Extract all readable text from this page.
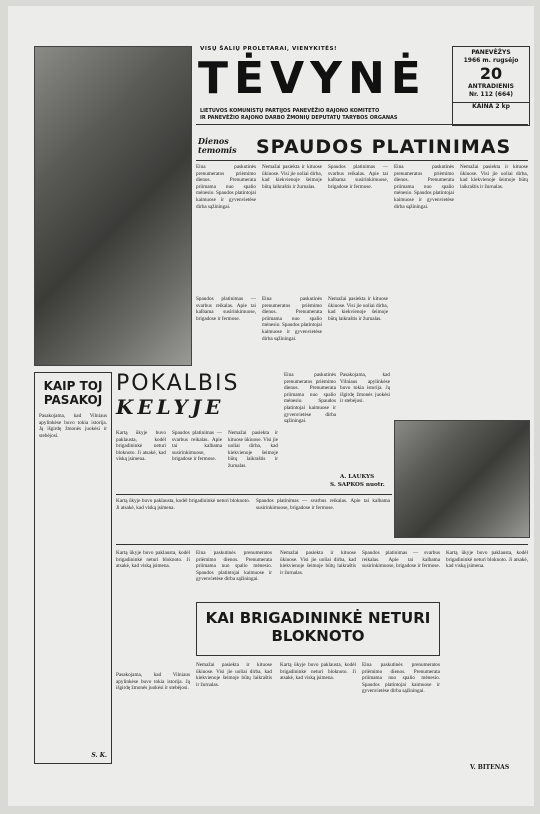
VISŲ ŠALIŲ PROLETARAI, VIENYKITĖS!
TĖVYNĖ
LIETUVOS KOMUNISTŲ PARTIJOS PANEVĖŽIO RAJONO KOMITETO
IR PANEVĖŽIO RAJONO DARBO ŽMONIŲ DEPUTATŲ TARYBOS ORGANAS
PANEVĖŽYS
1966 m. rugsėjo
20
ANTRADIENIS
Nr. 112 (664)
KAINA 2 kp
Dienos
temomis SPAUDOS PLATINIMAS
Eina paskutinės prenumeratos priėmimo dienos. Prenumerata priimama nuo spalio mėnesio. Spaudos platintojai kaimuose ir gyvenvietėse dirba sąžiningai.
Nemažai pasiekta ir kituose ūkiuose. Visi jie uoliai dirba, kad kiekvienoje šeimoje būtų laikraštis ir žurnalas.
Spaudos platinimas — svarbus reikalas. Apie tai kalbama susirinkimuose, brigadose ir fermose.
Eina paskutinės prenumeratos priėmimo dienos. Prenumerata priimama nuo spalio mėnesio. Spaudos platintojai kaimuose ir gyvenvietėse dirba sąžiningai.
Nemažai pasiekta ir kituose ūkiuose. Visi jie uoliai dirba, kad kiekvienoje šeimoje būtų laikraštis ir žurnalas.
Spaudos platinimas — svarbus reikalas. Apie tai kalbama susirinkimuose, brigadose ir fermose.
Eina paskutinės prenumeratos priėmimo dienos. Prenumerata priimama nuo spalio mėnesio. Spaudos platintojai kaimuose ir gyvenvietėse dirba sąžiningai.
Nemažai pasiekta ir kituose ūkiuose. Visi jie uoliai dirba, kad kiekvienoje šeimoje būtų laikraštis ir žurnalas.
KAIP TOJ PASAKOJ
Pasakojama, kad Vilniaus apylinkėse buvo tokia istorija. Ją išgirdę žmonės juokėsi ir stebėjosi.
S. K.
POKALBIS
KELYJE
Kartą ūkyje buvo paklausta, kodėl brigadininkė neturi bloknoto. Ji atsakė, kad viską įsimena.
Spaudos platinimas — svarbus reikalas. Apie tai kalbama susirinkimuose, brigadose ir fermose.
Nemažai pasiekta ir kituose ūkiuose. Visi jie uoliai dirba, kad kiekvienoje šeimoje būtų laikraštis ir žurnalas.
Eina paskutinės prenumeratos priėmimo dienos. Prenumerata priimama nuo spalio mėnesio. Spaudos platintojai kaimuose ir gyvenvietėse dirba sąžiningai.
Pasakojama, kad Vilniaus apylinkėse buvo tokia istorija. Ją išgirdę žmonės juokėsi ir stebėjosi.
A. LAUKYS
S. SAPKOS nuotr.
Kartą ūkyje buvo paklausta, kodėl brigadininkė neturi bloknoto. Ji atsakė, kad viską įsimena.
Spaudos platinimas — svarbus reikalas. Apie tai kalbama susirinkimuose, brigadose ir fermose.
Kartą ūkyje buvo paklausta, kodėl brigadininkė neturi bloknoto. Ji atsakė, kad viską įsimena.
Eina paskutinės prenumeratos priėmimo dienos. Prenumerata priimama nuo spalio mėnesio. Spaudos platintojai kaimuose ir gyvenvietėse dirba sąžiningai.
Nemažai pasiekta ir kituose ūkiuose. Visi jie uoliai dirba, kad kiekvienoje šeimoje būtų laikraštis ir žurnalas.
Spaudos platinimas — svarbus reikalas. Apie tai kalbama susirinkimuose, brigadose ir fermose.
Kartą ūkyje buvo paklausta, kodėl brigadininkė neturi bloknoto. Ji atsakė, kad viską įsimena.
KAI BRIGADININKĖ NETURI BLOKNOTO
Pasakojama, kad Vilniaus apylinkėse buvo tokia istorija. Ją išgirdę žmonės juokėsi ir stebėjosi.
Nemažai pasiekta ir kituose ūkiuose. Visi jie uoliai dirba, kad kiekvienoje šeimoje būtų laikraštis ir žurnalas.
Kartą ūkyje buvo paklausta, kodėl brigadininkė neturi bloknoto. Ji atsakė, kad viską įsimena.
Eina paskutinės prenumeratos priėmimo dienos. Prenumerata priimama nuo spalio mėnesio. Spaudos platintojai kaimuose ir gyvenvietėse dirba sąžiningai.
V. BITENAS
